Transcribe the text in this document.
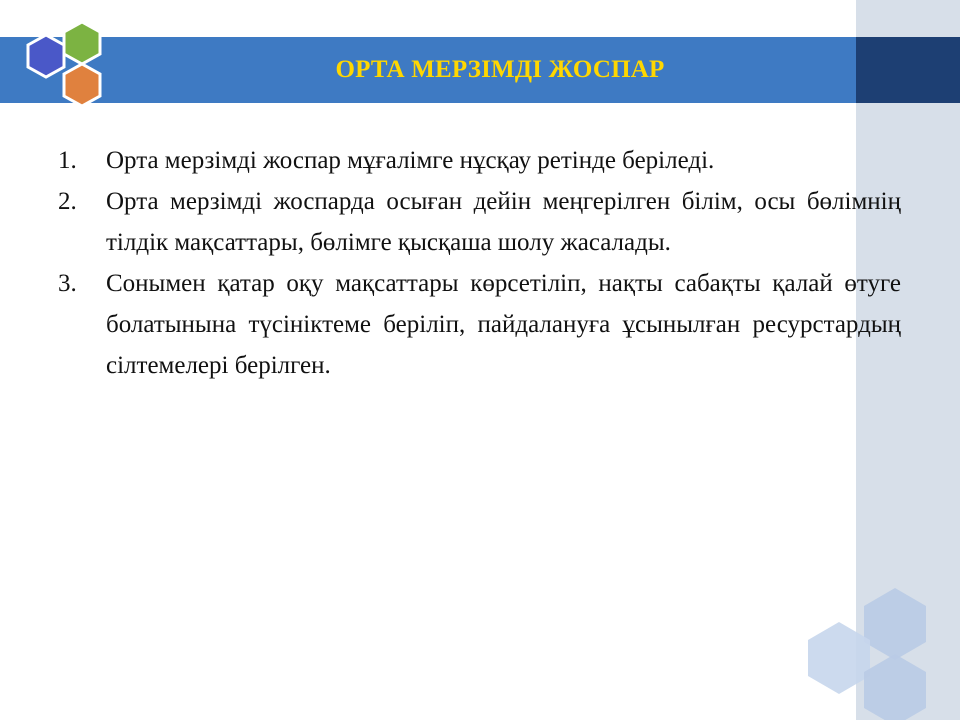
ОРТА МЕРЗІМДІ ЖОСПАР
1. Орта мерзімді жоспар мұғалімге нұсқау ретінде беріледі.
2. Орта мерзімді жоспарда осыған дейін меңгерілген білім, осы бөлімнің тілдік мақсаттары, бөлімге қысқаша шолу жасалады.
3. Сонымен қатар оқу мақсаттары көрсетіліп, нақты сабақты қалай өтуге болатынына түсініктеме беріліп, пайдалануға ұсынылған ресурстардың сілтемелері берілген.
